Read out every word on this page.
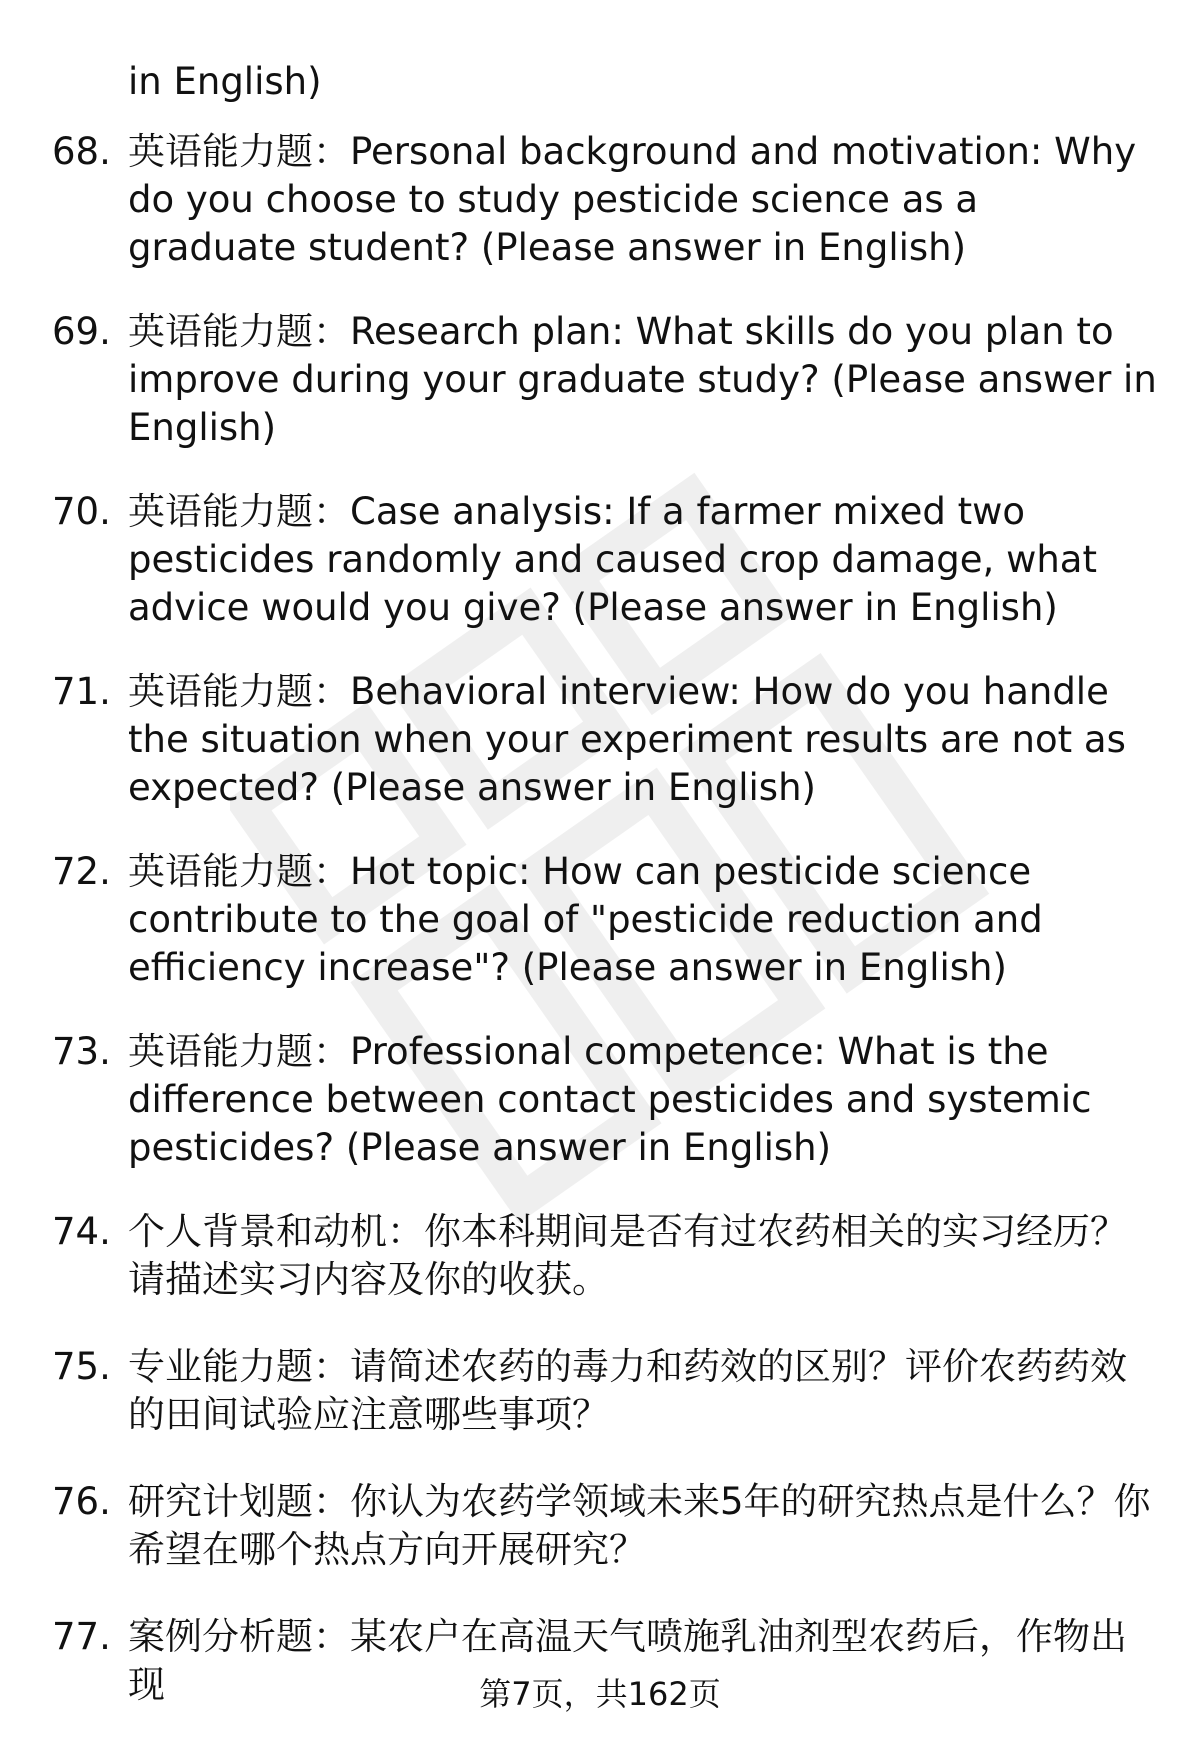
in English)

68. 英语能力题：Personal background and motivation: Why do you choose to study pesticide science as a graduate student? (Please answer in English)
69. 英语能力题：Research plan: What skills do you plan to improve during your graduate study? (Please answer in English)
70. 英语能力题：Case analysis: If a farmer mixed two pesticides randomly and caused crop damage, what advice would you give? (Please answer in English)
71. 英语能力题：Behavioral interview: How do you handle the situation when your experiment results are not as expected? (Please answer in English)
72. 英语能力题：Hot topic: How can pesticide science contribute to the goal of "pesticide reduction and efficiency increase"? (Please answer in English)
73. 英语能力题：Professional competence: What is the difference between contact pesticides and systemic pesticides? (Please answer in English)
74. 个人背景和动机：你本科期间是否有过农药相关的实习经历？请描述实习内容及你的收获。
75. 专业能力题：请简述农药的毒力和药效的区别？评价农药药效的田间试验应注意哪些事项？
76. 研究计划题：你认为农药学领域未来5年的研究热点是什么？你希望在哪个热点方向开展研究？
77. 案例分析题：某农户在高温天气喷施乳油剂型农药后，作物出现	第7页，共162页
